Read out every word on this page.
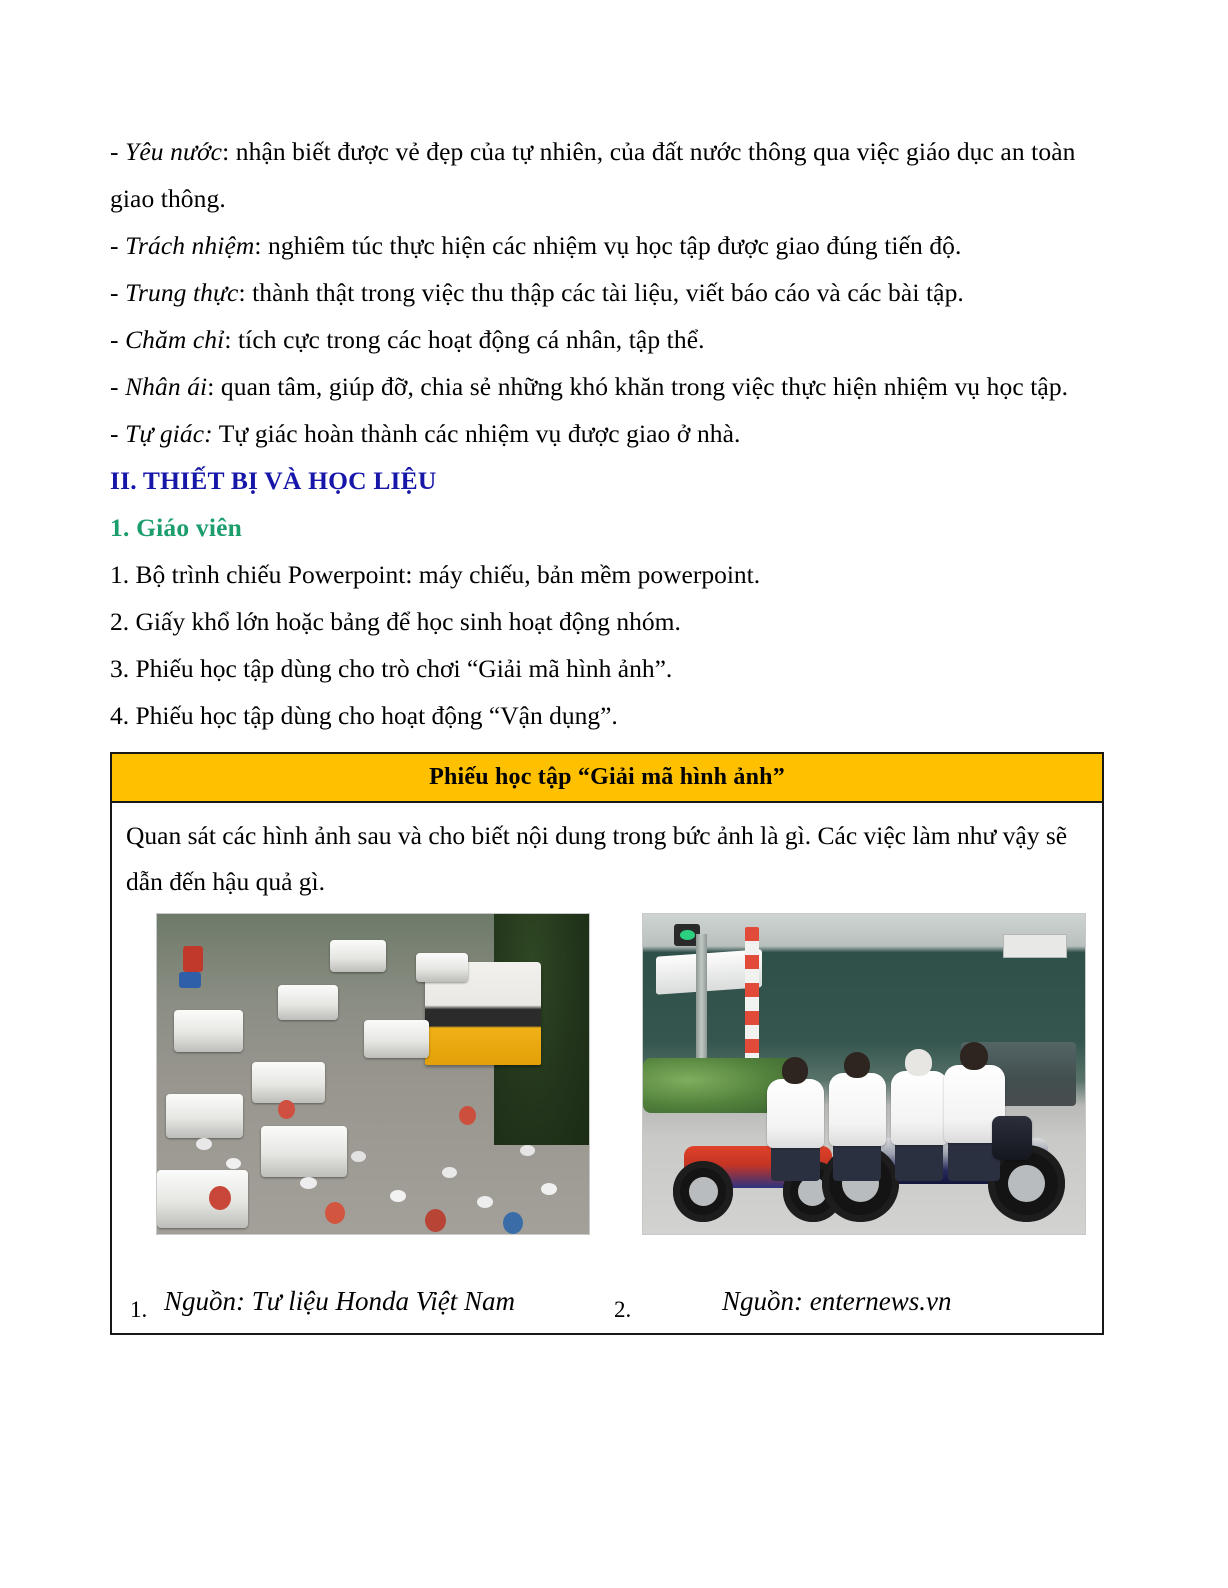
- Yêu nước: nhận biết được vẻ đẹp của tự nhiên, của đất nước thông qua việc giáo dục an toàn giao thông.

- Trách nhiệm: nghiêm túc thực hiện các nhiệm vụ học tập được giao đúng tiến độ.

- Trung thực: thành thật trong việc thu thập các tài liệu, viết báo cáo và các bài tập.

- Chăm chỉ: tích cực trong các hoạt động cá nhân, tập thể.

- Nhân ái: quan tâm, giúp đỡ, chia sẻ những khó khăn trong việc thực hiện nhiệm vụ học tập.

- Tự giác: Tự giác hoàn thành các nhiệm vụ được giao ở nhà.

II. THIẾT BỊ VÀ HỌC LIỆU

1. Giáo viên

1. Bộ trình chiếu Powerpoint: máy chiếu, bản mềm powerpoint.

2. Giấy khổ lớn hoặc bảng để học sinh hoạt động nhóm.

3. Phiếu học tập dùng cho trò chơi “Giải mã hình ảnh”.

4. Phiếu học tập dùng cho hoạt động “Vận dụng”.

Phiếu học tập “Giải mã hình ảnh”

Quan sát các hình ảnh sau và cho biết nội dung trong bức ảnh là gì. Các việc làm như vậy sẽ dẫn đến hậu quả gì.

1. Nguồn: Tư liệu Honda Việt Nam	2.	Nguồn: enternews.vn
